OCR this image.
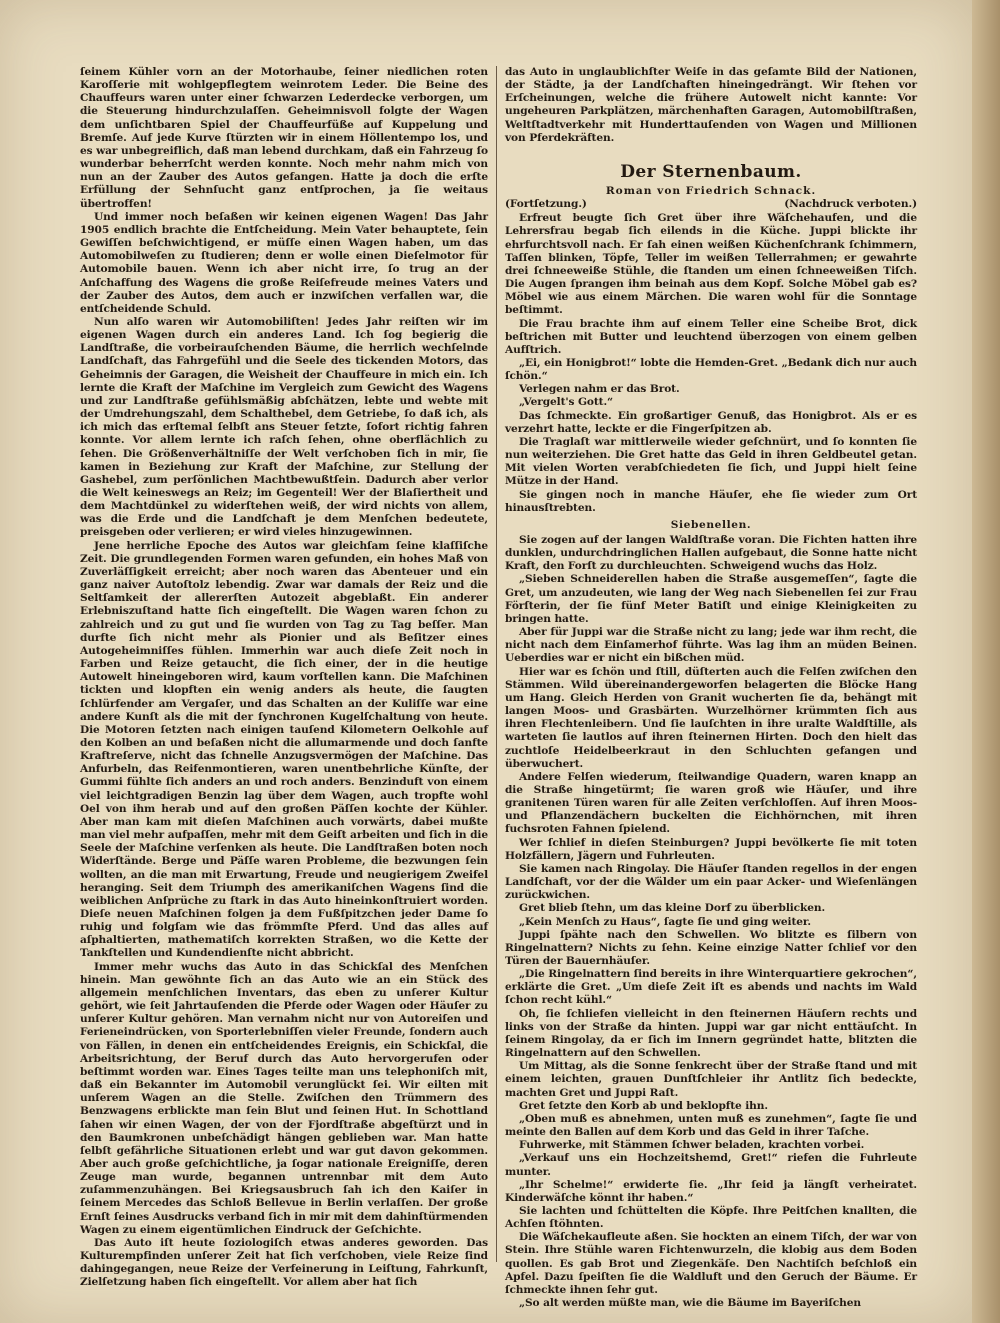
ſeinem Kühler vorn an der Motorhaube, ſeiner niedlichen roten Karoſſerie mit wohlgepflegtem weinrotem Leder. Die Beine des Chauffeurs waren unter einer ſchwarzen Lederdecke verborgen, um die Steuerung hindurchzulaſſen. Geheimnisvoll folgte der Wagen dem unſichtbaren Spiel der Chauffeurfüße auf Kuppelung und Bremſe. Auf jede Kurve ſtürzten wir in einem Höllentempo los, und es war unbegreiflich, daß man lebend durchkam, daß ein Fahrzeug ſo wunderbar beherrſcht werden konnte. Noch mehr nahm mich von nun an der Zauber des Autos gefangen. Hatte ja doch die erſte Erfüllung der Sehnſucht ganz entſprochen, ja ſie weitaus übertroffen!

Und immer noch beſaßen wir keinen eigenen Wagen! Das Jahr 1905 endlich brachte die Entſcheidung. Mein Vater behauptete, ſein Gewiſſen beſchwichtigend, er müſſe einen Wagen haben, um das Automobilweſen zu ſtudieren; denn er wolle einen Dieſelmotor für Automobile bauen. Wenn ich aber nicht irre, ſo trug an der Anſchaffung des Wagens die große Reiſefreude meines Vaters und der Zauber des Autos, dem auch er inzwiſchen verfallen war, die entſcheidende Schuld.

Nun alſo waren wir Automobiliſten! Jedes Jahr reiſten wir im eigenen Wagen durch ein anderes Land. Ich ſog begierig die Landſtraße, die vorbeirauſchenden Bäume, die herrlich wechſelnde Landſchaft, das Fahrgefühl und die Seele des tickenden Motors, das Geheimnis der Garagen, die Weisheit der Chauffeure in mich ein. Ich lernte die Kraft der Maſchine im Vergleich zum Gewicht des Wagens und zur Landſtraße gefühlsmäßig abſchätzen, lebte und webte mit der Umdrehungszahl, dem Schalthebel, dem Getriebe, ſo daß ich, als ich mich das erſtemal ſelbſt ans Steuer ſetzte, ſofort richtig fahren konnte. Vor allem lernte ich raſch ſehen, ohne oberflächlich zu ſehen. Die Größenverhältniſſe der Welt verſchoben ſich in mir, ſie kamen in Beziehung zur Kraft der Maſchine, zur Stellung der Gashebel, zum perſönlichen Machtbewußtſein. Dadurch aber verlor die Welt keineswegs an Reiz; im Gegenteil! Wer der Blaſiertheit und dem Machtdünkel zu widerſtehen weiß, der wird nichts von allem, was die Erde und die Landſchaft je dem Menſchen bedeutete, preisgeben oder verlieren; er wird vieles hinzugewinnen.

Jene herrliche Epoche des Autos war gleichſam ſeine klaſſiſche Zeit. Die grundlegenden Formen waren gefunden, ein hohes Maß von Zuverläſſigkeit erreicht; aber noch waren das Abenteuer und ein ganz naiver Autoſtolz lebendig. Zwar war damals der Reiz und die Seltſamkeit der allererſten Autozeit abgeblaßt. Ein anderer Erlebniszuſtand hatte ſich eingeſtellt. Die Wagen waren ſchon zu zahlreich und zu gut und ſie wurden von Tag zu Tag beſſer. Man durfte ſich nicht mehr als Pionier und als Beſitzer eines Autogeheimniſſes fühlen. Immerhin war auch dieſe Zeit noch in Farben und Reize getaucht, die ſich einer, der in die heutige Autowelt hineingeboren wird, kaum vorſtellen kann. Die Maſchinen tickten und klopften ein wenig anders als heute, die ſaugten ſchlürfender am Vergaſer, und das Schalten an der Kuliſſe war eine andere Kunſt als die mit der ſynchronen Kugelſchaltung von heute. Die Motoren ſetzten nach einigen tauſend Kilometern Oelkohle auf den Kolben an und beſaßen nicht die allumarmende und doch ſanfte Kraftreſerve, nicht das ſchnelle Anzugsvermögen der Maſchine. Das Anfurbeln, das Reifenmontieren, waren unentbehrliche Künſte, der Gummi fühlte ſich anders an und roch anders. Benzinduft von einem viel leichtgradigen Benzin lag über dem Wagen, auch tropfte wohl Oel von ihm herab und auf den großen Päſſen kochte der Kühler. Aber man kam mit dieſen Maſchinen auch vorwärts, dabei mußte man viel mehr aufpaſſen, mehr mit dem Geiſt arbeiten und ſich in die Seele der Maſchine verſenken als heute. Die Landſtraßen boten noch Widerſtände. Berge und Päſſe waren Probleme, die bezwungen ſein wollten, an die man mit Erwartung, Freude und neugierigem Zweifel heranging. Seit dem Triumph des amerikaniſchen Wagens ſind die weiblichen Anſprüche zu ſtark in das Auto hineinkonſtruiert worden. Dieſe neuen Maſchinen folgen ja dem Fußſpitzchen jeder Dame ſo ruhig und folgſam wie das frömmſte Pferd. Und das alles auf aſphaltierten, mathematiſch korrekten Straßen, wo die Kette der Tankſtellen und Kundendienſte nicht abbricht.

Immer mehr wuchs das Auto in das Schickſal des Menſchen hinein. Man gewöhnte ſich an das Auto wie an ein Stück des allgemein menſchlichen Inventars, das eben zu unſerer Kultur gehört, wie ſeit Jahrtauſenden die Pferde oder Wagen oder Häuſer zu unſerer Kultur gehören. Man vernahm nicht nur von Autoreiſen und Ferieneindrücken, von Sporterlebniſſen vieler Freunde, ſondern auch von Fällen, in denen ein entſcheidendes Ereignis, ein Schickſal, die Arbeitsrichtung, der Beruf durch das Auto hervorgerufen oder beſtimmt worden war. Eines Tages teilte man uns telephoniſch mit, daß ein Bekannter im Automobil verunglückt ſei. Wir eilten mit unſerem Wagen an die Stelle. Zwiſchen den Trümmern des Benzwagens erblickte man ſein Blut und ſeinen Hut. In Schottland ſahen wir einen Wagen, der von der Fjordſtraße abgeſtürzt und in den Baumkronen unbeſchädigt hängen geblieben war. Man hatte ſelbſt gefährliche Situationen erlebt und war gut davon gekommen. Aber auch große geſchichtliche, ja ſogar nationale Ereigniſſe, deren Zeuge man wurde, begannen untrennbar mit dem Auto zuſammenzuhängen. Bei Kriegsausbruch ſah ich den Kaiſer in ſeinem Mercedes das Schloß Bellevue in Berlin verlaſſen. Der große Ernſt ſeines Ausdrucks verband ſich in mir mit dem dahinſtürmenden Wagen zu einem eigentümlichen Eindruck der Geſchichte.

Das Auto iſt heute ſoziologiſch etwas anderes geworden. Das Kulturempfinden unſerer Zeit hat ſich verſchoben, viele Reize ſind dahingegangen, neue Reize der Verfeinerung in Leiſtung, Fahrkunſt, Zielſetzung haben ſich eingeſtellt. Vor allem aber hat ſich

das Auto in unglaublichſter Weiſe in das geſamte Bild der Nationen, der Städte, ja der Landſchaften hineingedrängt. Wir ſtehen vor Erſcheinungen, welche die frühere Autowelt nicht kannte: Vor ungeheuren Parkplätzen, märchenhaften Garagen, Automobilſtraßen, Weltſtadtverkehr mit Hunderttauſenden von Wagen und Millionen von Pferdekräften.

Der Sternenbaum.
Roman von Friedrich Schnack.
(Fortſetzung.)	(Nachdruck verboten.)

Erfreut beugte ſich Gret über ihre Wäſchehaufen, und die Lehrersfrau begab ſich eilends in die Küche. Juppi blickte ihr ehrfurchtsvoll nach. Er ſah einen weißen Küchenſchrank ſchimmern, Taſſen blinken, Töpfe, Teller im weißen Tellerrahmen; er gewahrte drei ſchneeweiße Stühle, die ſtanden um einen ſchneeweißen Tiſch. Die Augen ſprangen ihm beinah aus dem Kopf. Solche Möbel gab es? Möbel wie aus einem Märchen. Die waren wohl für die Sonntage beſtimmt.

Die Frau brachte ihm auf einem Teller eine Scheibe Brot, dick beſtrichen mit Butter und leuchtend überzogen von einem gelben Aufſtrich.

„Ei, ein Honigbrot!“ lobte die Hemden-Gret. „Bedank dich nur auch ſchön.“

Verlegen nahm er das Brot.

„Vergelt's Gott.“

Das ſchmeckte. Ein großartiger Genuß, das Honigbrot. Als er es verzehrt hatte, leckte er die Fingerſpitzen ab.

Die Traglaſt war mittlerweile wieder geſchnürt, und ſo konnten ſie nun weiterziehen. Die Gret hatte das Geld in ihren Geldbeutel getan. Mit vielen Worten verabſchiedeten ſie ſich, und Juppi hielt ſeine Mütze in der Hand.

Sie gingen noch in manche Häuſer, ehe ſie wieder zum Ort hinausſtrebten.

Siebenellen.

Sie zogen auf der langen Waldſtraße voran. Die Fichten hatten ihre dunklen, undurchdringlichen Hallen aufgebaut, die Sonne hatte nicht Kraft, den Forſt zu durchleuchten. Schweigend wuchs das Holz.

„Sieben Schneiderellen haben die Straße ausgemeſſen“, ſagte die Gret, um anzudeuten, wie lang der Weg nach Siebenellen ſei zur Frau Förſterin, der ſie fünf Meter Batiſt und einige Kleinigkeiten zu bringen hatte.

Aber für Juppi war die Straße nicht zu lang; jede war ihm recht, die nicht nach dem Einſamerhof führte. Was lag ihm an müden Beinen. Ueberdies war er nicht ein bißchen müd.

Hier war es ſchön und ſtill, düſterten auch die Felſen zwiſchen den Stämmen. Wild übereinandergeworfen belagerten die Blöcke Hang um Hang. Gleich Herden von Granit wucherten ſie da, behängt mit langen Moos- und Grasbärten. Wurzelhörner krümmten ſich aus ihren Flechtenleibern. Und ſie lauſchten in ihre uralte Waldſtille, als warteten ſie lautlos auf ihren ſteinernen Hirten. Doch den hielt das zuchtloſe Heidelbeerkraut in den Schluchten gefangen und überwuchert.

Andere Felſen wiederum, ſteilwandige Quadern, waren knapp an die Straße hingetürmt; ſie waren groß wie Häuſer, und ihre granitenen Türen waren für alle Zeiten verſchloſſen. Auf ihren Moos- und Pflanzendächern buckelten die Eichhörnchen, mit ihren fuchsroten Fahnen ſpielend.

Wer ſchlief in dieſen Steinburgen? Juppi bevölkerte ſie mit toten Holzfällern, Jägern und Fuhrleuten.

Sie kamen nach Ringolay. Die Häuſer ſtanden regellos in der engen Landſchaft, vor der die Wälder um ein paar Acker- und Wieſenlängen zurückwichen.

Gret blieb ſtehn, um das kleine Dorf zu überblicken.

„Kein Menſch zu Haus“, ſagte ſie und ging weiter.

Juppi ſpähte nach den Schwellen. Wo blitzte es ſilbern von Ringelnattern? Nichts zu ſehn. Keine einzige Natter ſchlief vor den Türen der Bauernhäuſer.

„Die Ringelnattern ſind bereits in ihre Winterquartiere gekrochen“, erklärte die Gret. „Um dieſe Zeit iſt es abends und nachts im Wald ſchon recht kühl.“

Oh, ſie ſchliefen vielleicht in den ſteinernen Häuſern rechts und links von der Straße da hinten. Juppi war gar nicht enttäuſcht. In ſeinem Ringolay, da er ſich im Innern gegründet hatte, blitzten die Ringelnattern auf den Schwellen.

Um Mittag, als die Sonne ſenkrecht über der Straße ſtand und mit einem leichten, grauen Dunſtſchleier ihr Antlitz ſich bedeckte, machten Gret und Juppi Raſt.

Gret ſetzte den Korb ab und beklopfte ihn.

„Oben muß es abnehmen, unten muß es zunehmen“, ſagte ſie und meinte den Ballen auf dem Korb und das Geld in ihrer Taſche.

Fuhrwerke, mit Stämmen ſchwer beladen, krachten vorbei.

„Verkauf uns ein Hochzeitshemd, Gret!“ riefen die Fuhrleute munter.

„Ihr Schelme!“ erwiderte ſie. „Ihr ſeid ja längſt verheiratet. Kinderwäſche könnt ihr haben.“

Sie lachten und ſchüttelten die Köpfe. Ihre Peitſchen knallten, die Achſen ſtöhnten.

Die Wäſchekaufleute aßen. Sie hockten an einem Tiſch, der war von Stein. Ihre Stühle waren Fichtenwurzeln, die klobig aus dem Boden quollen. Es gab Brot und Ziegenkäſe. Den Nachtiſch beſchloß ein Apfel. Dazu ſpeiſten ſie die Waldluft und den Geruch der Bäume. Er ſchmeckte ihnen ſehr gut.

„So alt werden müßte man, wie die Bäume im Bayeriſchen
